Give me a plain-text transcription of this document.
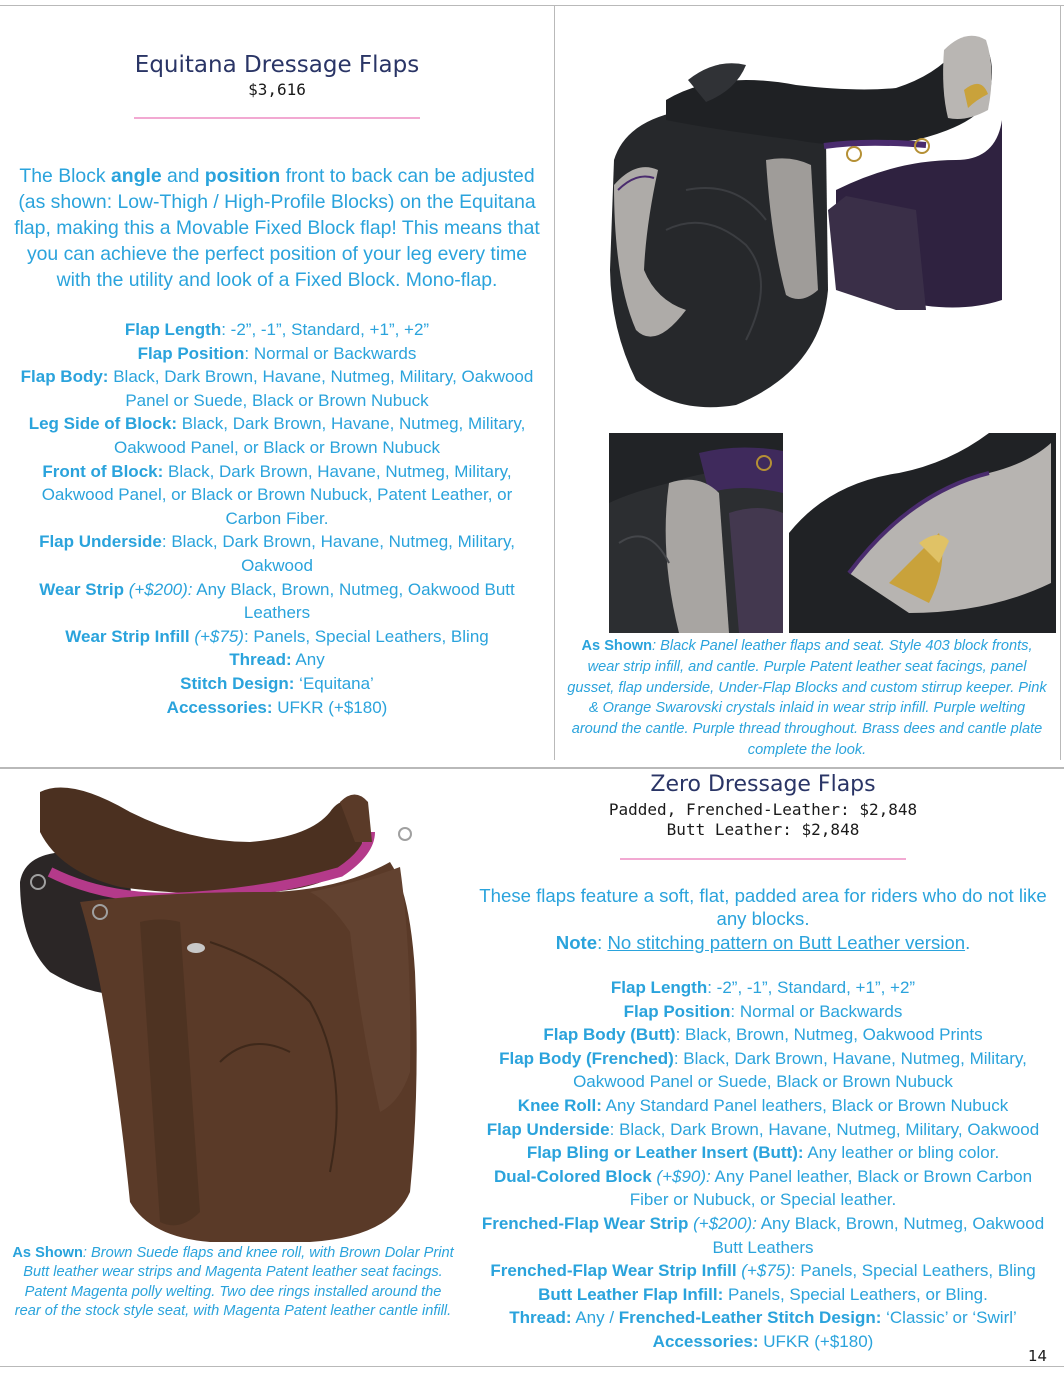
Equitana Dressage Flaps
$3,616
The Block angle and position front to back can be adjusted (as shown: Low-Thigh / High-Profile Blocks) on the Equitana flap, making this a Movable Fixed Block flap! This means that you can achieve the perfect position of your leg every time with the utility and look of a Fixed Block. Mono-flap.
Flap Length: -2”, -1”, Standard, +1”, +2”
Flap Position: Normal or Backwards
Flap Body: Black, Dark Brown, Havane, Nutmeg, Military, Oakwood Panel or Suede, Black or Brown Nubuck
Leg Side of Block: Black, Dark Brown, Havane, Nutmeg, Military, Oakwood Panel, or Black or Brown Nubuck
Front of Block: Black, Dark Brown, Havane, Nutmeg, Military, Oakwood Panel, or Black or Brown Nubuck, Patent Leather, or Carbon Fiber.
Flap Underside: Black, Dark Brown, Havane, Nutmeg, Military, Oakwood
Wear Strip (+$200): Any Black, Brown, Nutmeg, Oakwood Butt Leathers
Wear Strip Infill (+$75): Panels, Special Leathers, Bling
Thread: Any
Stitch Design: ‘Equitana’
Accessories: UFKR (+$180)
As Shown: Black Panel leather flaps and seat. Style 403 block fronts, wear strip infill, and cantle. Purple Patent leather seat facings, panel gusset, flap underside, Under-Flap Blocks and custom stirrup keeper. Pink & Orange Swarovski crystals inlaid in wear strip infill. Purple welting around the cantle. Purple thread throughout. Brass dees and cantle plate complete the look.
As Shown: Brown Suede flaps and knee roll, with Brown Dolar Print Butt leather wear strips and Magenta Patent leather seat facings. Patent Magenta polly welting. Two dee rings installed around the rear of the stock style seat, with Magenta Patent leather cantle infill.
Zero Dressage Flaps
Padded, Frenched-Leather: $2,848
Butt Leather: $2,848
These flaps feature a soft, flat, padded area for riders who do not like any blocks.
Note: No stitching pattern on Butt Leather version.
Flap Length: -2”, -1”, Standard, +1”, +2”
Flap Position: Normal or Backwards
Flap Body (Butt): Black, Brown, Nutmeg, Oakwood Prints
Flap Body (Frenched): Black, Dark Brown, Havane, Nutmeg, Military, Oakwood Panel or Suede, Black or Brown Nubuck
Knee Roll: Any Standard Panel leathers, Black or Brown Nubuck
Flap Underside: Black, Dark Brown, Havane, Nutmeg, Military, Oakwood
Flap Bling or Leather Insert (Butt): Any leather or bling color.
Dual-Colored Block (+$90): Any Panel leather, Black or Brown Carbon Fiber or Nubuck, or Special leather.
Frenched-Flap Wear Strip (+$200): Any Black, Brown, Nutmeg, Oakwood Butt Leathers
Frenched-Flap Wear Strip Infill (+$75): Panels, Special Leathers, Bling
Butt Leather Flap Infill: Panels, Special Leathers, or Bling.
Thread: Any / Frenched-Leather Stitch Design: ‘Classic’ or ‘Swirl’
Accessories: UFKR (+$180)
14
